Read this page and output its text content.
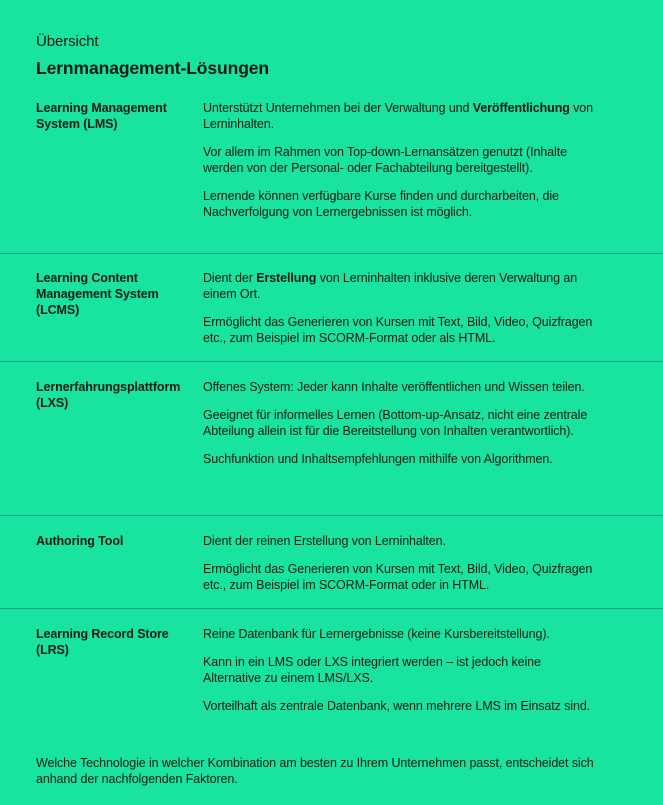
Übersicht
Lernmanagement-Lösungen
Learning Management System (LMS)

Unterstützt Unternehmen bei der Verwaltung und Veröffentlichung von Lerninhalten.

Vor allem im Rahmen von Top-down-Lernansätzen genutzt (Inhalte werden von der Personal- oder Fachabteilung bereitgestellt).

Lernende können verfügbare Kurse finden und durcharbeiten, die Nachverfolgung von Lernergebnissen ist möglich.

Learning Content Management System (LCMS)

Dient der Erstellung von Lerninhalten inklusive deren Verwaltung an einem Ort.

Ermöglicht das Generieren von Kursen mit Text, Bild, Video, Quizfragen etc., zum Beispiel im SCORM-Format oder als HTML.

Lernerfahrungsplattform (LXS)

Offenes System: Jeder kann Inhalte veröffentlichen und Wissen teilen.

Geeignet für informelles Lernen (Bottom-up-Ansatz, nicht eine zentrale Abteilung allein ist für die Bereitstellung von Inhalten verantwortlich).

Suchfunktion und Inhaltsempfehlungen mithilfe von Algorithmen.

Authoring Tool	Dient der reinen Erstellung von Lerninhalten.

Ermöglicht das Generieren von Kursen mit Text, Bild, Video, Quizfragen etc., zum Beispiel im SCORM-Format oder in HTML.

Learning Record Store (LRS)

Reine Datenbank für Lernergebnisse (keine Kursbereitstellung).

Kann in ein LMS oder LXS integriert werden – ist jedoch keine Alternative zu einem LMS/LXS.

Vorteilhaft als zentrale Datenbank, wenn mehrere LMS im Einsatz sind.

Welche Technologie in welcher Kombination am besten zu Ihrem Unternehmen passt, entscheidet sich anhand der nachfolgenden Faktoren.
